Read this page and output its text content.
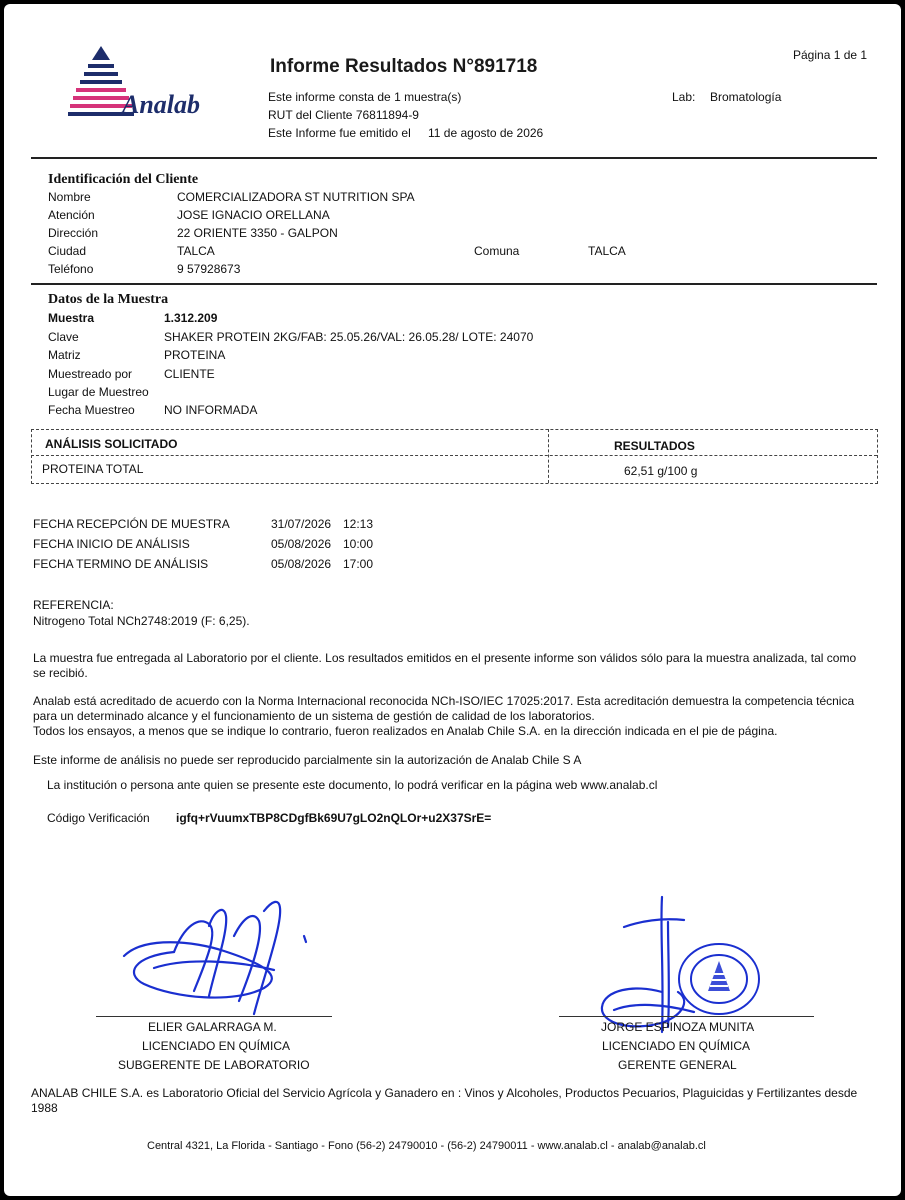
Analab
Informe Resultados N°891718
Página 1 de 1
Este informe consta de 1 muestra(s)
RUT del Cliente 76811894-9
Este Informe fue emitido el 11 de agosto de 2026
Lab: Bromatología
Identificación del Cliente
Nombre	COMERCIALIZADORA ST NUTRITION SPA
Atención	JOSE IGNACIO ORELLANA
Dirección	22 ORIENTE 3350 - GALPON
Ciudad	TALCA	Comuna	TALCA
Teléfono	9 57928673
Datos de la Muestra
Muestra	1.312.209
Clave	SHAKER PROTEIN 2KG/FAB: 25.05.26/VAL: 26.05.28/ LOTE: 24070
Matriz	PROTEINA
Muestreado por	CLIENTE
Lugar de Muestreo
Fecha Muestreo NO INFORMADA
ANÁLISIS SOLICITADO	RESULTADOS
PROTEINA TOTAL	62,51 g/100 g
FECHA RECEPCIÓN DE MUESTRA	31/07/2026 12:13
FECHA INICIO DE ANÁLISIS	05/08/2026 10:00
FECHA TERMINO DE ANÁLISIS	05/08/2026 17:00
REFERENCIA:
Nitrogeno Total NCh2748:2019 (F: 6,25).
La muestra fue entregada al Laboratorio por el cliente. Los resultados emitidos en el presente informe son válidos sólo para la muestra analizada, tal como
se recibió.
Analab está acreditado de acuerdo con la Norma Internacional reconocida NCh-ISO/IEC 17025:2017. Esta acreditación demuestra la competencia técnica
para un determinado alcance y el funcionamiento de un sistema de gestión de calidad de los laboratorios.
Todos los ensayos, a menos que se indique lo contrario, fueron realizados en Analab Chile S.A. en la dirección indicada en el pie de página.
Este informe de análisis no puede ser reproducido parcialmente sin la autorización de Analab Chile S A
La institución o persona ante quien se presente este documento, lo podrá verificar en la página web www.analab.cl
Código Verificación igfq+rVuumxTBP8CDgfBk69U7gLO2nQLOr+u2X37SrE=
ELIER GALARRAGA M.
LICENCIADO EN QUÍMICA
SUBGERENTE DE LABORATORIO
JORGE ESPINOZA MUNITA
LICENCIADO EN QUÍMICA
GERENTE GENERAL
ANALAB CHILE S.A. es Laboratorio Oficial del Servicio Agrícola y Ganadero en : Vinos y Alcoholes, Productos Pecuarios, Plaguicidas y Fertilizantes desde
1988
Central 4321, La Florida - Santiago - Fono (56-2) 24790010 - (56-2) 24790011 - www.analab.cl - analab@analab.cl
